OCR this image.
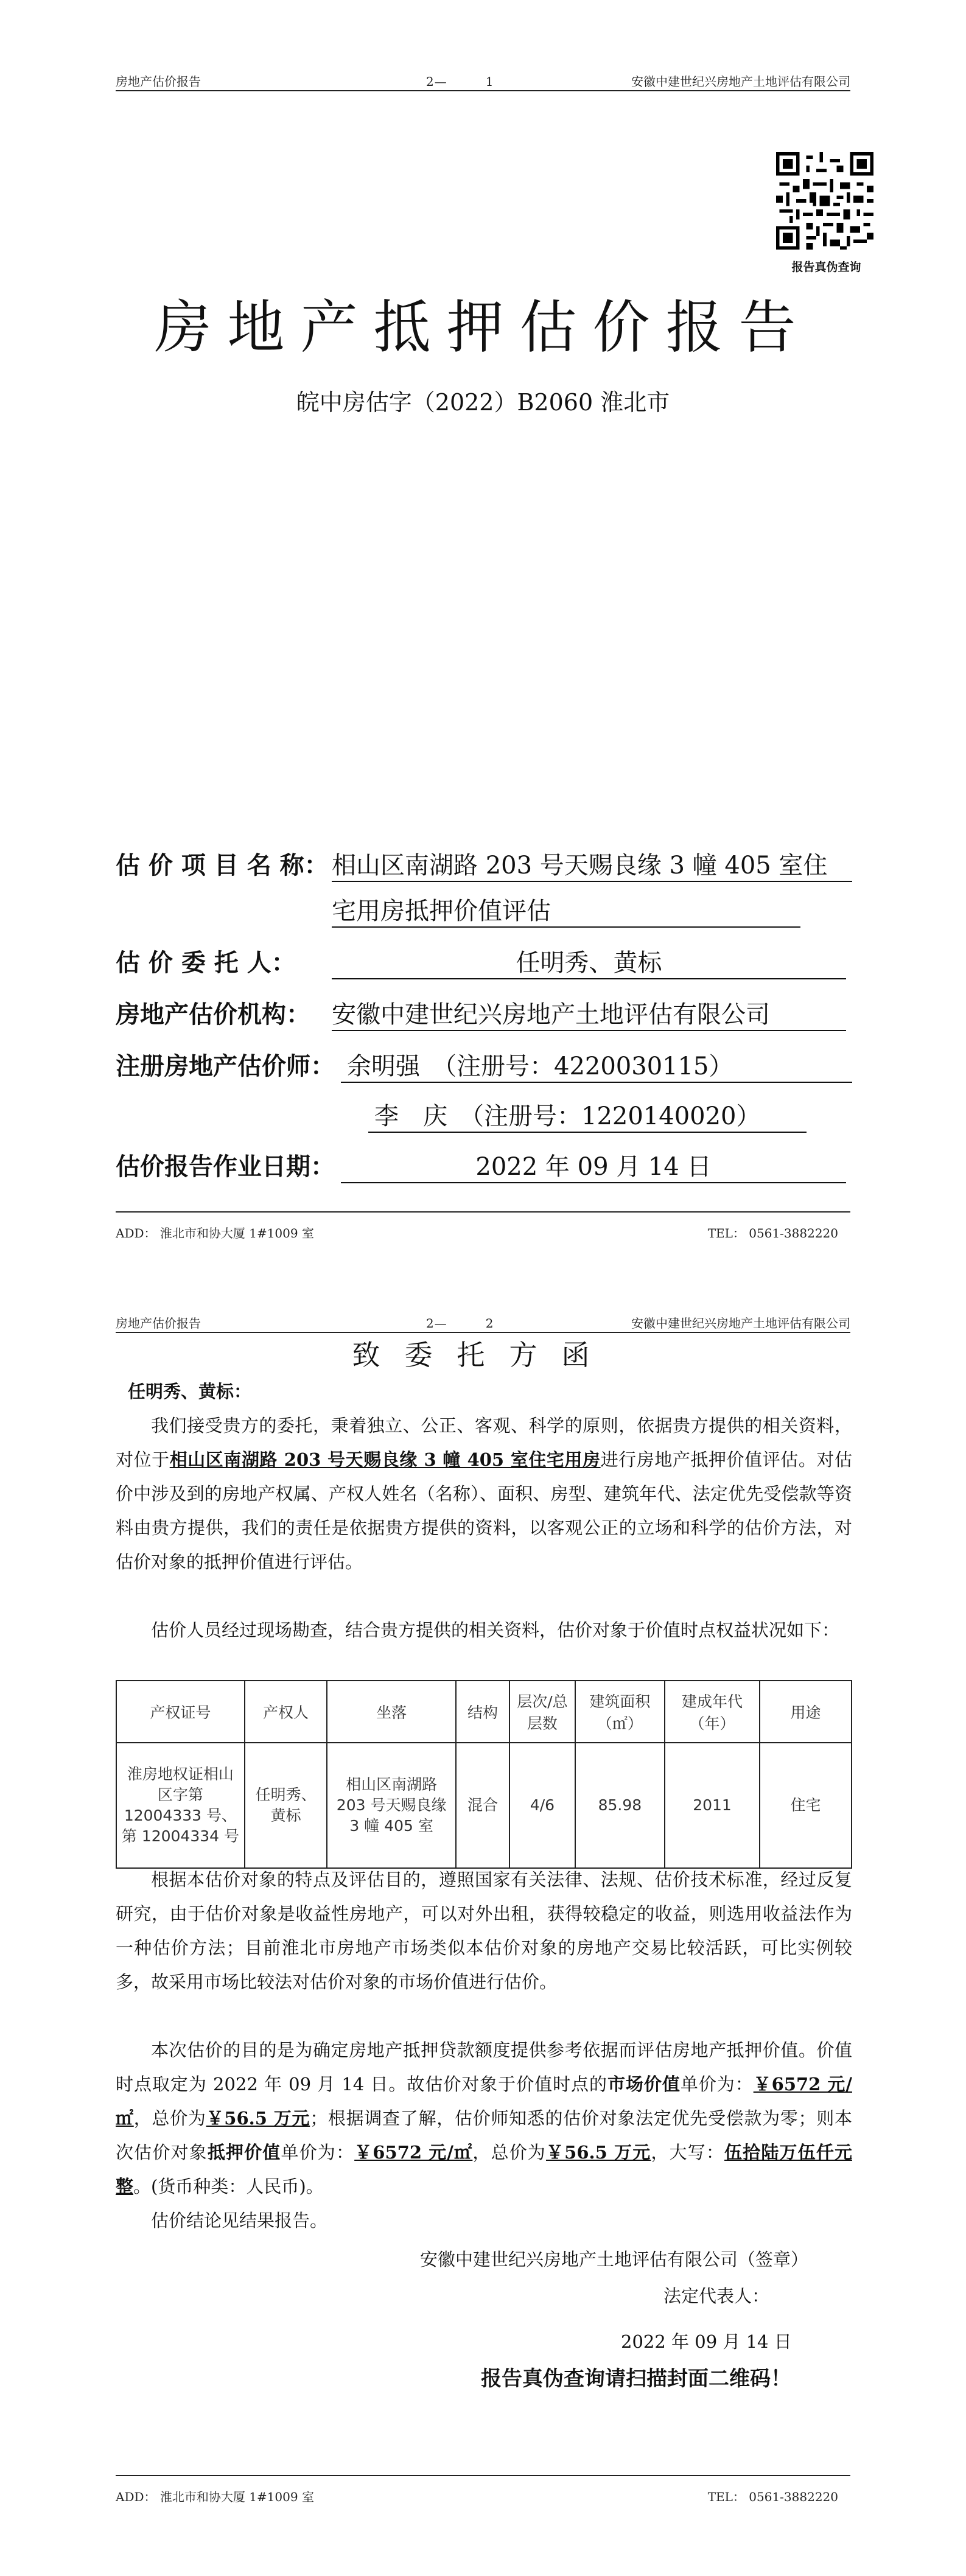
房地产估价报告	2—　　　1	安徽中建世纪兴房地产土地评估有限公司
报告真伪查询
房地产抵押估价报告
皖中房估字（2022）B2060 淮北市
估 价 项 目 名 称： 相山区南湖路 203 号天赐良缘 3 幢 405 室住
宅用房抵押价值评估
估 价 委 托 人：	任明秀、黄标
房地产估价机构： 安徽中建世纪兴房地产土地评估有限公司
注册房地产估价师： 余明强　（注册号：4220030115）
李　庆　（注册号：1220140020）
估价报告作业日期：	2022 年 09 月 14 日
ADD： 淮北市和协大厦 1#1009 室	TEL： 0561-3882220
房地产估价报告	2—　　　2	安徽中建世纪兴房地产土地评估有限公司
ADD： 淮北市和协大厦 1#1009 室	TEL： 0561-3882220
致委托方函
任明秀、黄标：
我们接受贵方的委托，秉着独立、公正、客观、科学的原则，依据贵方提供的相关资料，对位于相山区南湖路 203 号天赐良缘 3 幢 405 室住宅用房进行房地产抵押价值评估。对估价中涉及到的房地产权属、产权人姓名（名称）、面积、房型、建筑年代、法定优先受偿款等资料由贵方提供，我们的责任是依据贵方提供的资料，以客观公正的立场和科学的估价方法，对估价对象的抵押价值进行评估。
估价人员经过现场勘查，结合贵方提供的相关资料，估价对象于价值时点权益状况如下：
产权证号	产权人	坐落	结构	层次/总层数	建筑面积（㎡）	建成年代（年）	用途
淮房地权证相山区字第 12004333 号、第 12004334 号	任明秀、黄标	相山区南湖路 203 号天赐良缘 3 幢 405 室	混合	4/6	85.98	2011	住宅
根据本估价对象的特点及评估目的，遵照国家有关法律、法规、估价技术标准，经过反复研究，由于估价对象是收益性房地产，可以对外出租，获得较稳定的收益，则选用收益法作为一种估价方法；目前淮北市房地产市场类似本估价对象的房地产交易比较活跃，可比实例较多，故采用市场比较法对估价对象的市场价值进行估价。
本次估价的目的是为确定房地产抵押贷款额度提供参考依据而评估房地产抵押价值。价值时点取定为 2022 年 09 月 14 日。故估价对象于价值时点的市场价值单价为：￥6572 元/㎡，总价为￥56.5 万元；根据调查了解，估价师知悉的估价对象法定优先受偿款为零；则本次估价对象抵押价值单价为：￥6572 元/㎡，总价为￥56.5 万元，大写：伍拾陆万伍仟元整。(货币种类：人民币)。
估价结论见结果报告。
安徽中建世纪兴房地产土地评估有限公司（签章）
法定代表人：
2022 年 09 月 14 日
报告真伪查询请扫描封面二维码！
